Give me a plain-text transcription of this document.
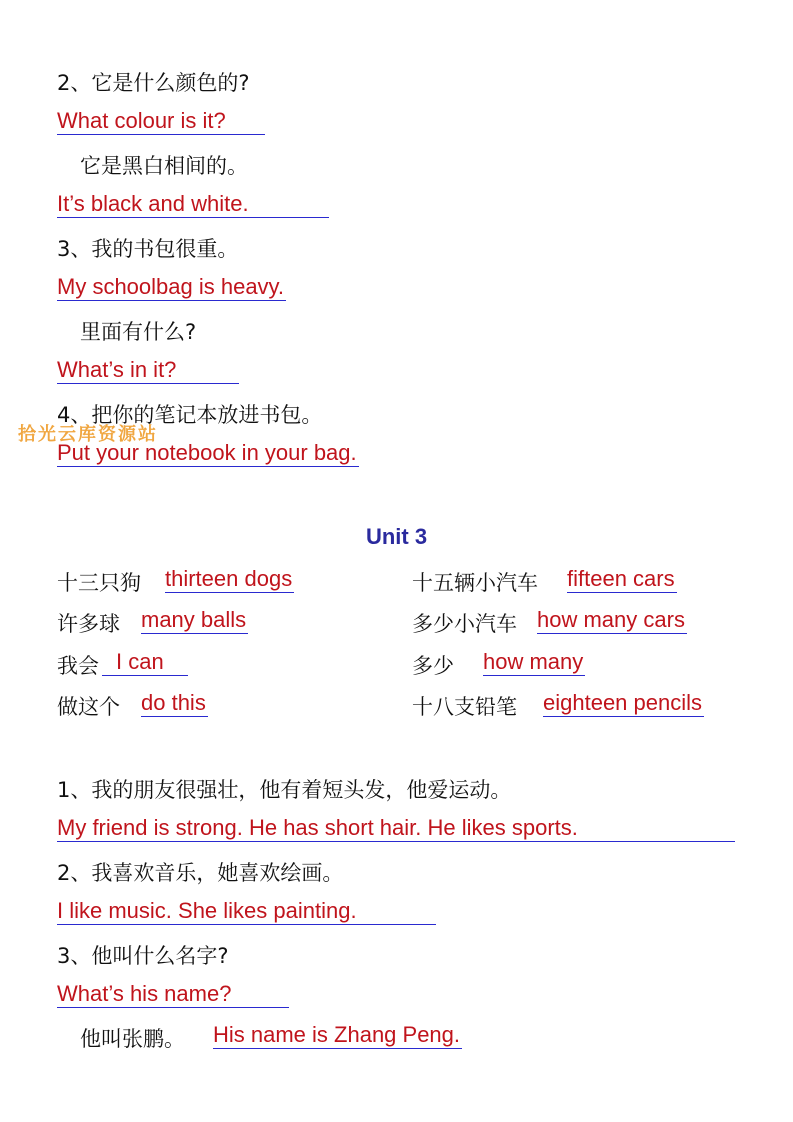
2、它是什么颜色的?
What colour is it?
它是黑白相间的。
It’s black and white.
3、我的书包很重。
My schoolbag is heavy.
里面有什么?
What’s in it?
4、把你的笔记本放进书包。
拾光云库资源站
Put your notebook in your bag.
Unit 3
十三只狗 thirteen dogs	十五辆小汽车 fifteen cars
许多球 many balls	多少小汽车 how many cars
我会 I can	多少 how many
做这个 do this	十八支铅笔 eighteen pencils
1、我的朋友很强壮，他有着短头发，他爱运动。
My friend is strong. He has short hair. He likes sports.
2、我喜欢音乐，她喜欢绘画。
I like music. She likes painting.
3、他叫什么名字?
What’s his name?
他叫张鹏。 His name is Zhang Peng.
